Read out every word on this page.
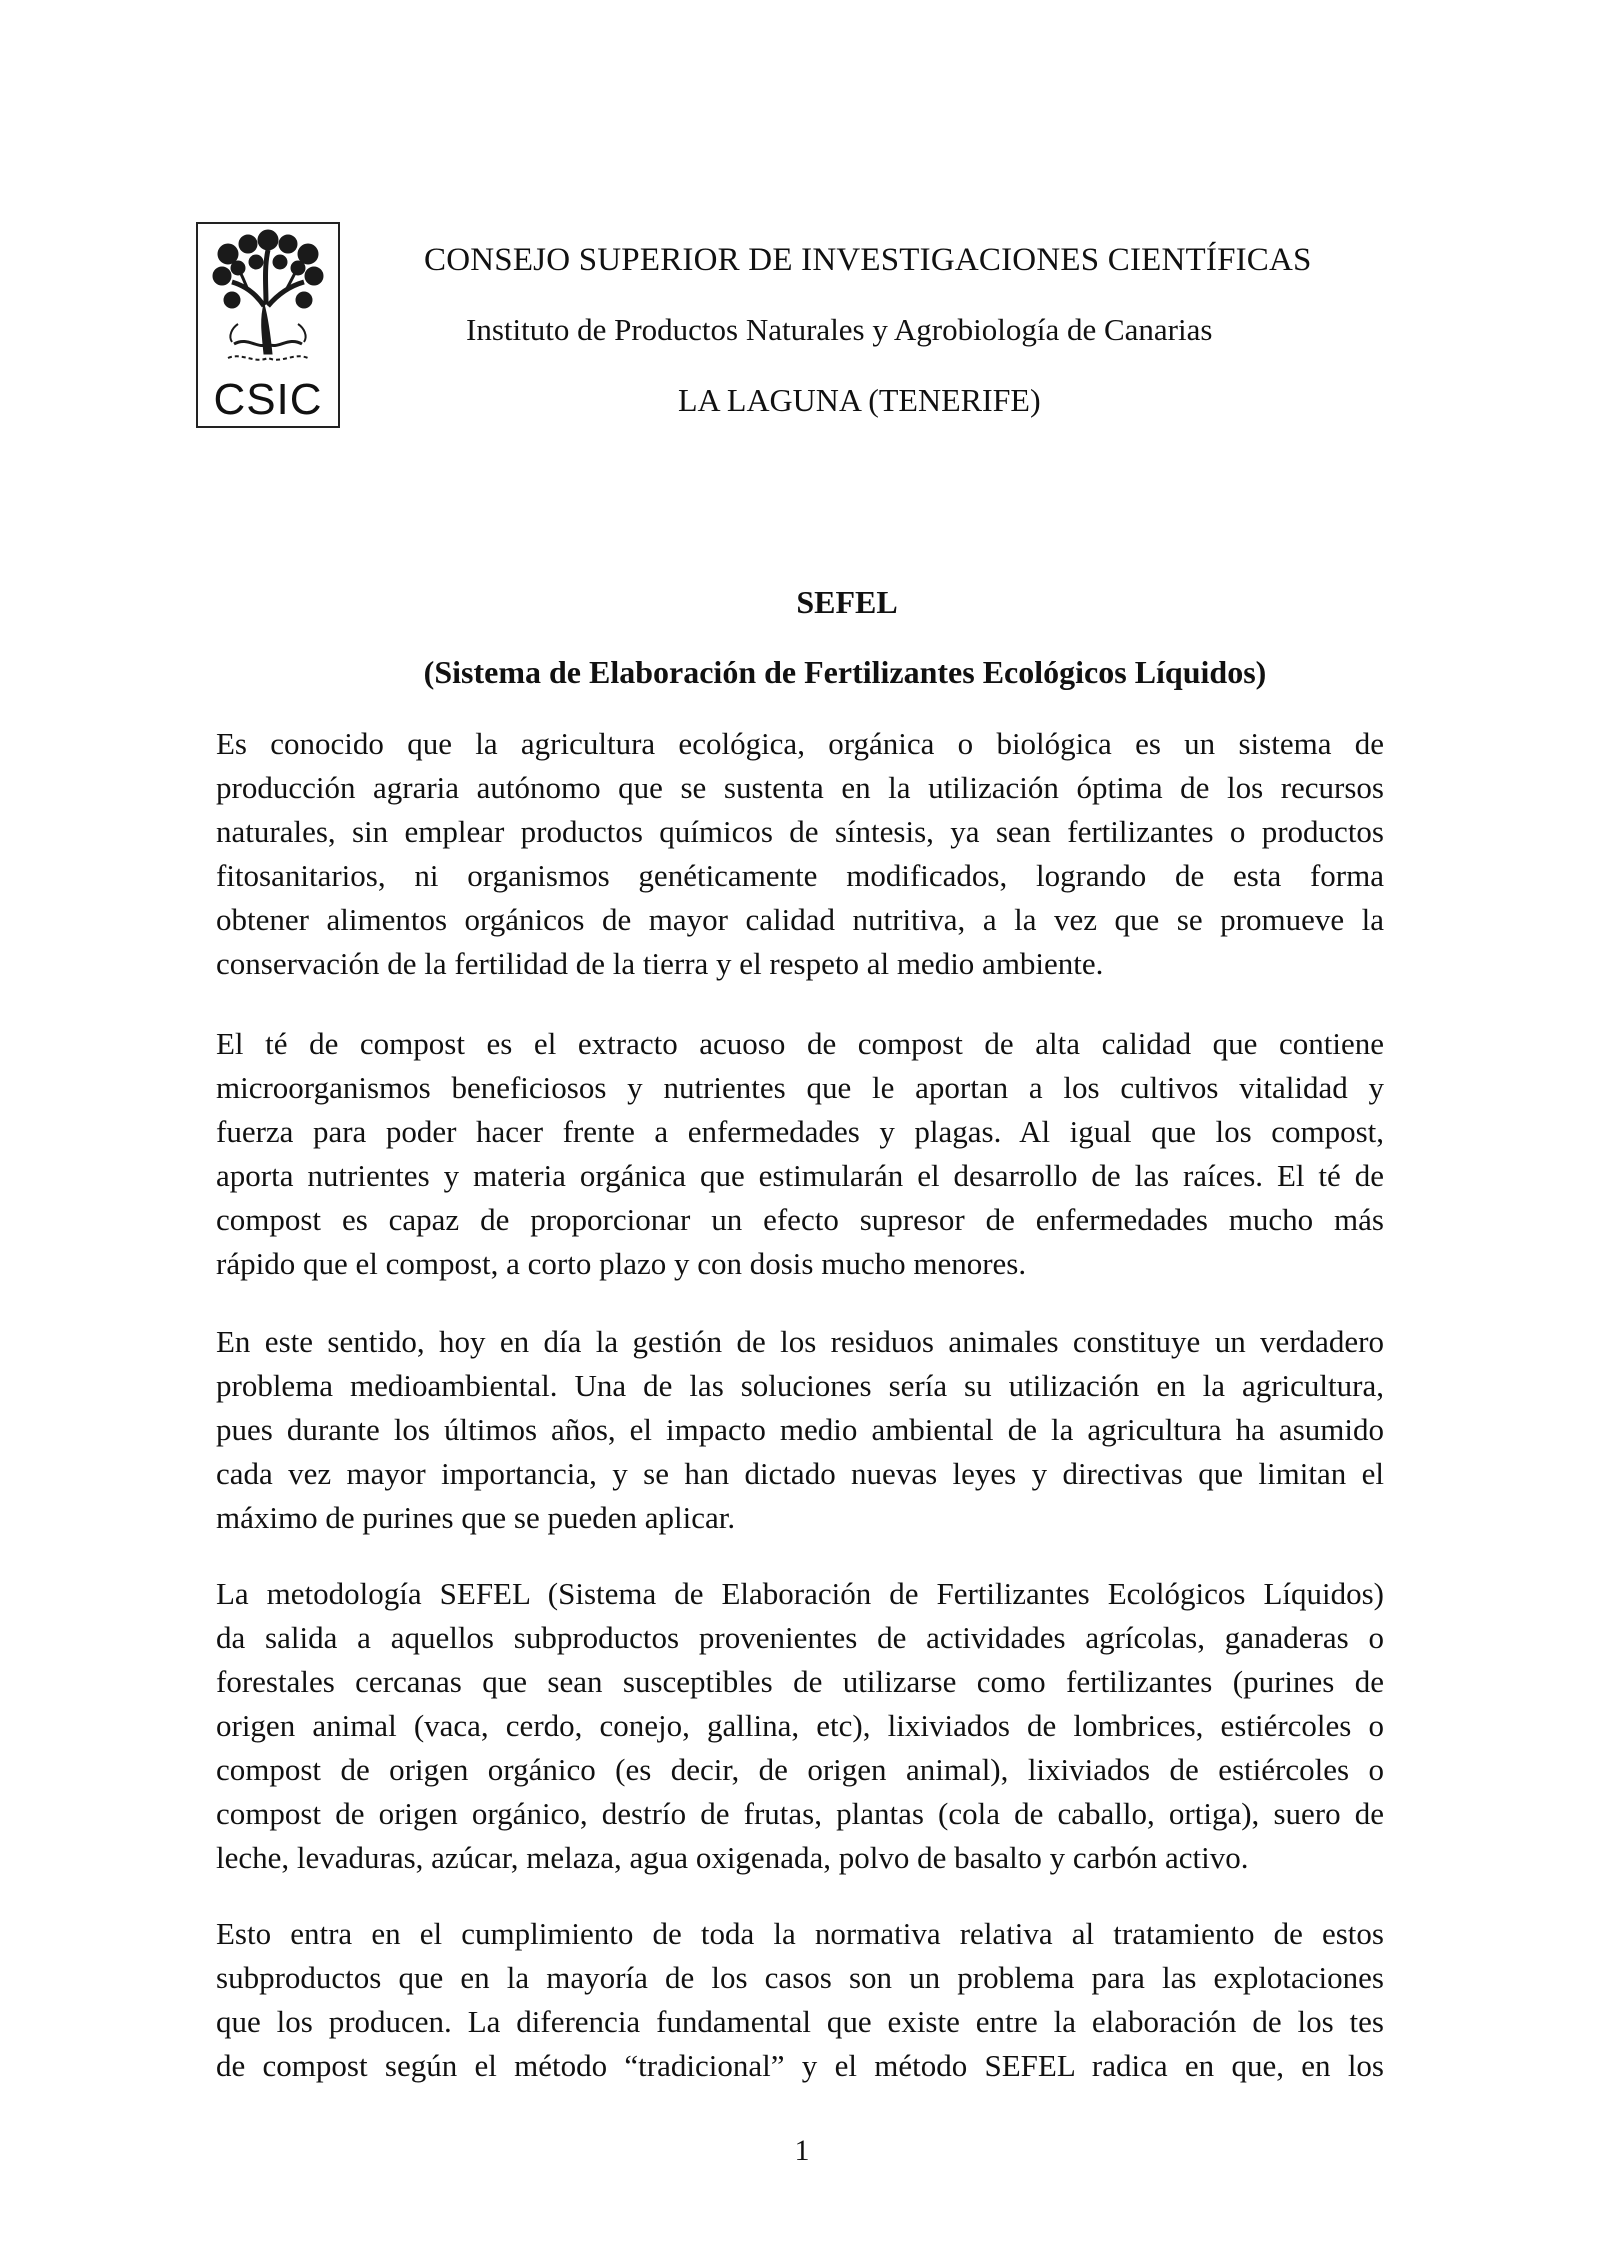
CSIC
CONSEJO SUPERIOR DE INVESTIGACIONES CIENTÍFICAS
Instituto de Productos Naturales y Agrobiología de Canarias
LA LAGUNA (TENERIFE)
SEFEL
(Sistema de Elaboración de Fertilizantes Ecológicos Líquidos)

Es conocido que la agricultura ecológica, orgánica o biológica es un sistema de
producción agraria autónomo que se sustenta en la utilización óptima de los recursos
naturales, sin emplear productos químicos de síntesis, ya sean fertilizantes o productos
fitosanitarios, ni organismos genéticamente modificados, logrando de esta forma
obtener alimentos orgánicos de mayor calidad nutritiva, a la vez que se promueve la
conservación de la fertilidad de la tierra y el respeto al medio ambiente.

El té de compost es el extracto acuoso de compost de alta calidad que contiene
microorganismos beneficiosos y nutrientes que le aportan a los cultivos vitalidad y
fuerza para poder hacer frente a enfermedades y plagas. Al igual que los compost,
aporta nutrientes y materia orgánica que estimularán el desarrollo de las raíces. El té de
compost es capaz de proporcionar un efecto supresor de enfermedades mucho más
rápido que el compost, a corto plazo y con dosis mucho menores.

En este sentido, hoy en día la gestión de los residuos animales constituye un verdadero
problema medioambiental. Una de las soluciones sería su utilización en la agricultura,
pues durante los últimos años, el impacto medio ambiental de la agricultura ha asumido
cada vez mayor importancia, y se han dictado nuevas leyes y directivas que limitan el
máximo de purines que se pueden aplicar.

La metodología SEFEL (Sistema de Elaboración de Fertilizantes Ecológicos Líquidos)
da salida a aquellos subproductos provenientes de actividades agrícolas, ganaderas o
forestales cercanas que sean susceptibles de utilizarse como fertilizantes (purines de
origen animal (vaca, cerdo, conejo, gallina, etc), lixiviados de lombrices, estiércoles o
compost de origen orgánico (es decir, de origen animal), lixiviados de estiércoles o
compost de origen orgánico, destrío de frutas, plantas (cola de caballo, ortiga), suero de
leche, levaduras, azúcar, melaza, agua oxigenada, polvo de basalto y carbón activo.

Esto entra en el cumplimiento de toda la normativa relativa al tratamiento de estos
subproductos que en la mayoría de los casos son un problema para las explotaciones
que los producen. La diferencia fundamental que existe entre la elaboración de los tes
de compost según el método “tradicional” y el método SEFEL radica en que, en los

1
